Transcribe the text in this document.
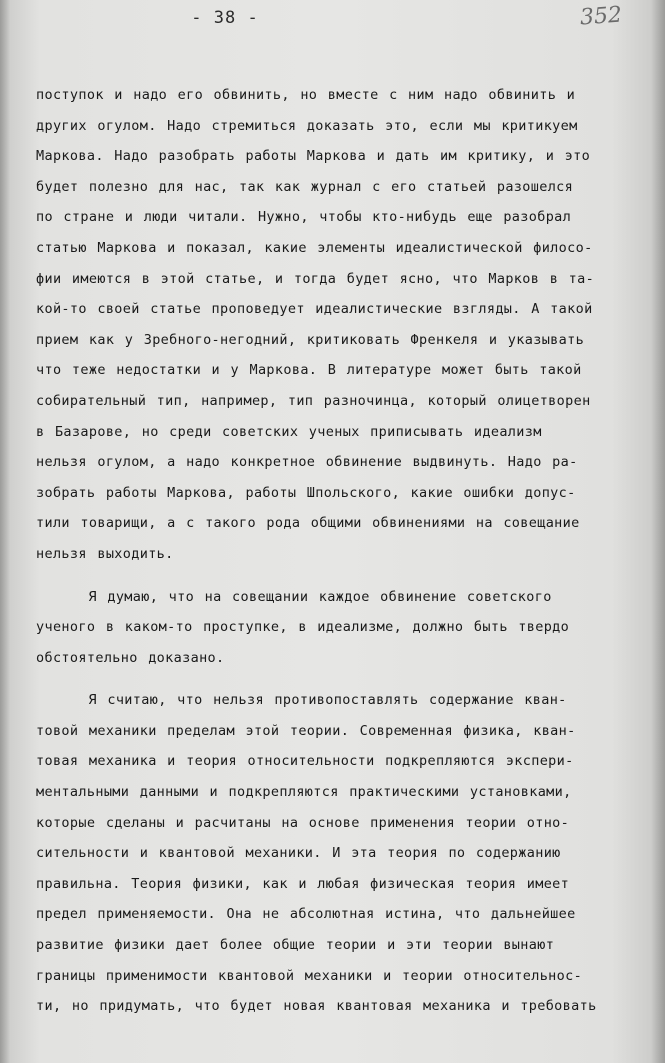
- 38 -	352
поступок и надо его обвинить, но вместе с ним надо обвинить и
других огулом. Надо стремиться доказать это, если мы критикуем
Маркова. Надо разобрать работы Маркова и дать им критику, и это
будет полезно для нас, так как журнал с его статьей разошелся
по стране и люди читали. Нужно, чтобы кто-нибудь еще разобрал
статью Маркова и показал, какие элементы идеалистической филосо-
фии имеются в этой статье, и тогда будет ясно, что Марков в та-
кой-то своей статье проповедует идеалистические взгляды. А такой
прием как у Зребного-негодний, критиковать Френкеля и указывать
что теже недостатки и у Маркова. В литературе может быть такой
собирательный тип, например, тип разночинца, который олицетворен
в Базарове, но среди советских ученых приписывать идеализм
нельзя огулом, а надо конкретное обвинение выдвинуть. Надо ра-
зобрать работы Маркова, работы Шпольского, какие ошибки допус-
тили товарищи, а с такого рода общими обвинениями на совещание
нельзя выходить.
Я думаю, что на совещании каждое обвинение советского
ученого в каком-то проступке, в идеализме, должно быть твердо
обстоятельно доказано.
Я считаю, что нельзя противопоставлять содержание кван-
товой механики пределам этой теории. Современная физика, кван-
товая механика и теория относительности подкрепляются экспери-
ментальными данными и подкрепляются практическими установками,
которые сделаны и расчитаны на основе применения теории отно-
сительности и квантовой механики. И эта теория по содержанию
правильна. Теория физики, как и любая физическая теория имеет
предел применяемости. Она не абсолютная истина, что дальнейшее
развитие физики дает более общие теории и эти теории вынают
границы применимости квантовой механики и теории относительнос-
ти, но придумать, что будет новая квантовая механика и требовать
